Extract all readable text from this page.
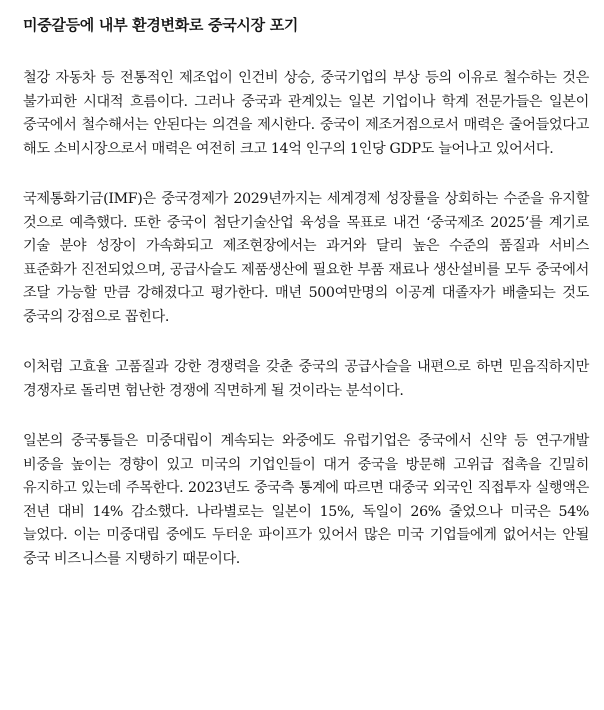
미중갈등에 내부 환경변화로 중국시장 포기

철강 자동차 등 전통적인 제조업이 인건비 상승, 중국기업의 부상 등의 이유로 철수하는 것은 불가피한 시대적 흐름이다. 그러나 중국과 관계있는 일본 기업이나 학계 전문가들은 일본이 중국에서 철수해서는 안된다는 의견을 제시한다. 중국이 제조거점으로서 매력은 줄어들었다고 해도 소비시장으로서 매력은 여전히 크고 14억 인구의 1인당 GDP도 늘어나고 있어서다.

국제통화기금(IMF)은 중국경제가 2029년까지는 세계경제 성장률을 상회하는 수준을 유지할 것으로 예측했다. 또한 중국이 첨단기술산업 육성을 목표로 내건 ‘중국제조 2025’를 계기로 기술 분야 성장이 가속화되고 제조현장에서는 과거와 달리 높은 수준의 품질과 서비스 표준화가 진전되었으며, 공급사슬도 제품생산에 필요한 부품 재료나 생산설비를 모두 중국에서 조달 가능할 만큼 강해졌다고 평가한다. 매년 500여만명의 이공계 대졸자가 배출되는 것도 중국의 강점으로 꼽힌다.

이처럼 고효율 고품질과 강한 경쟁력을 갖춘 중국의 공급사슬을 내편으로 하면 믿음직하지만 경쟁자로 돌리면 험난한 경쟁에 직면하게 될 것이라는 분석이다.

일본의 중국통들은 미중대립이 계속되는 와중에도 유럽기업은 중국에서 신약 등 연구개발 비중을 높이는 경향이 있고 미국의 기업인들이 대거 중국을 방문해 고위급 접촉을 긴밀히 유지하고 있는데 주목한다. 2023년도 중국측 통계에 따르면 대중국 외국인 직접투자 실행액은 전년 대비 14% 감소했다. 나라별로는 일본이 15%, 독일이 26% 줄었으나 미국은 54% 늘었다. 이는 미중대립 중에도 두터운 파이프가 있어서 많은 미국 기업들에게 없어서는 안될 중국 비즈니스를 지탱하기 때문이다.
